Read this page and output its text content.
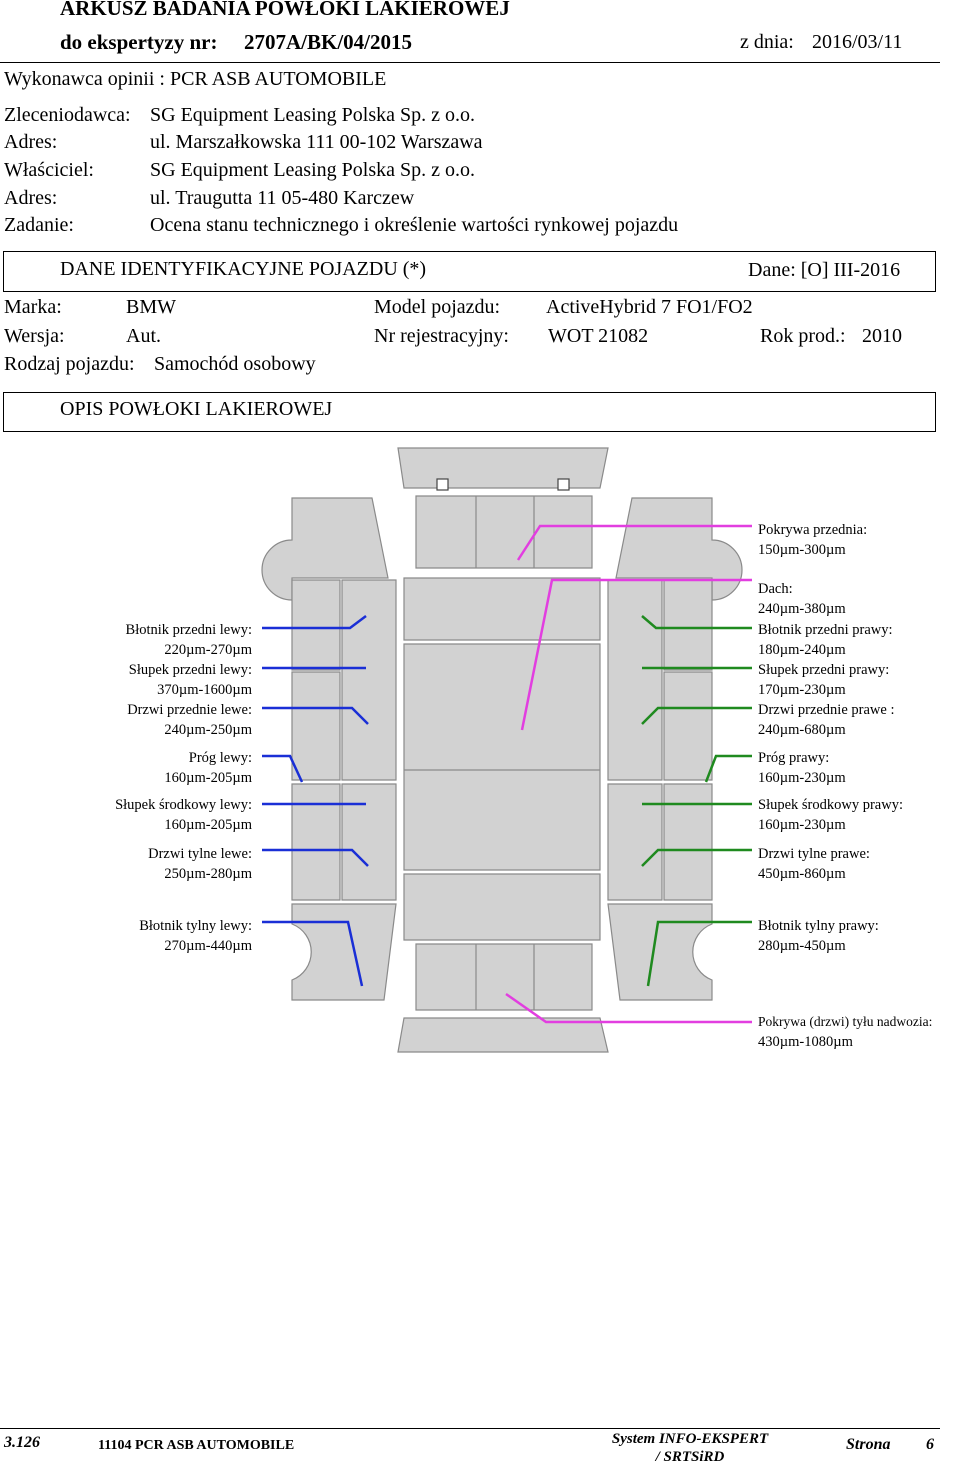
ARKUSZ BADANIA POWŁOKI LAKIEROWEJ
do ekspertyzy nr: 2707A/BK/04/2015	z dnia: 2016/03/11
Wykonawca opinii : PCR ASB AUTOMOBILE
Zleceniodawca: SG Equipment Leasing Polska Sp. z o.o.
Adres:	ul. Marszałkowska 111 00-102 Warszawa
Właściciel:	SG Equipment Leasing Polska Sp. z o.o.
Adres:	ul. Traugutta 11 05-480 Karczew
Zadanie:	Ocena stanu technicznego i określenie wartości rynkowej pojazdu
DANE IDENTYFIKACYJNE POJAZDU (*)	Dane: [O] III-2016
Marka:	BMW	Model pojazdu: ActiveHybrid 7 FO1/FO2
Wersja:	Aut.	Nr rejestracyjny: WOT 21082	Rok prod.: 2010
Rodzaj pojazdu: Samochód osobowy
OPIS POWŁOKI LAKIEROWEJ
Błotnik przedni lewy:
220µm-270µm
Słupek przedni lewy:
370µm-1600µm
Drzwi przednie lewe:
240µm-250µm
Próg lewy:
160µm-205µm
Słupek środkowy lewy:
160µm-205µm
Drzwi tylne lewe:
250µm-280µm
Błotnik tylny lewy:
270µm-440µm
Pokrywa przednia:
150µm-300µm
Dach:
240µm-380µm
Błotnik przedni prawy:
180µm-240µm
Słupek przedni prawy:
170µm-230µm
Drzwi przednie prawe :
240µm-680µm
Próg prawy:
160µm-230µm
Słupek środkowy prawy:
160µm-230µm
Drzwi tylne prawe:
450µm-860µm
Błotnik tylny prawy:
280µm-450µm
Pokrywa (drzwi) tyłu nadwozia:
430µm-1080µm
3.126	11104 PCR ASB AUTOMOBILE	System INFO-EKSPERT
/ SRTSiRD
Strona 6
